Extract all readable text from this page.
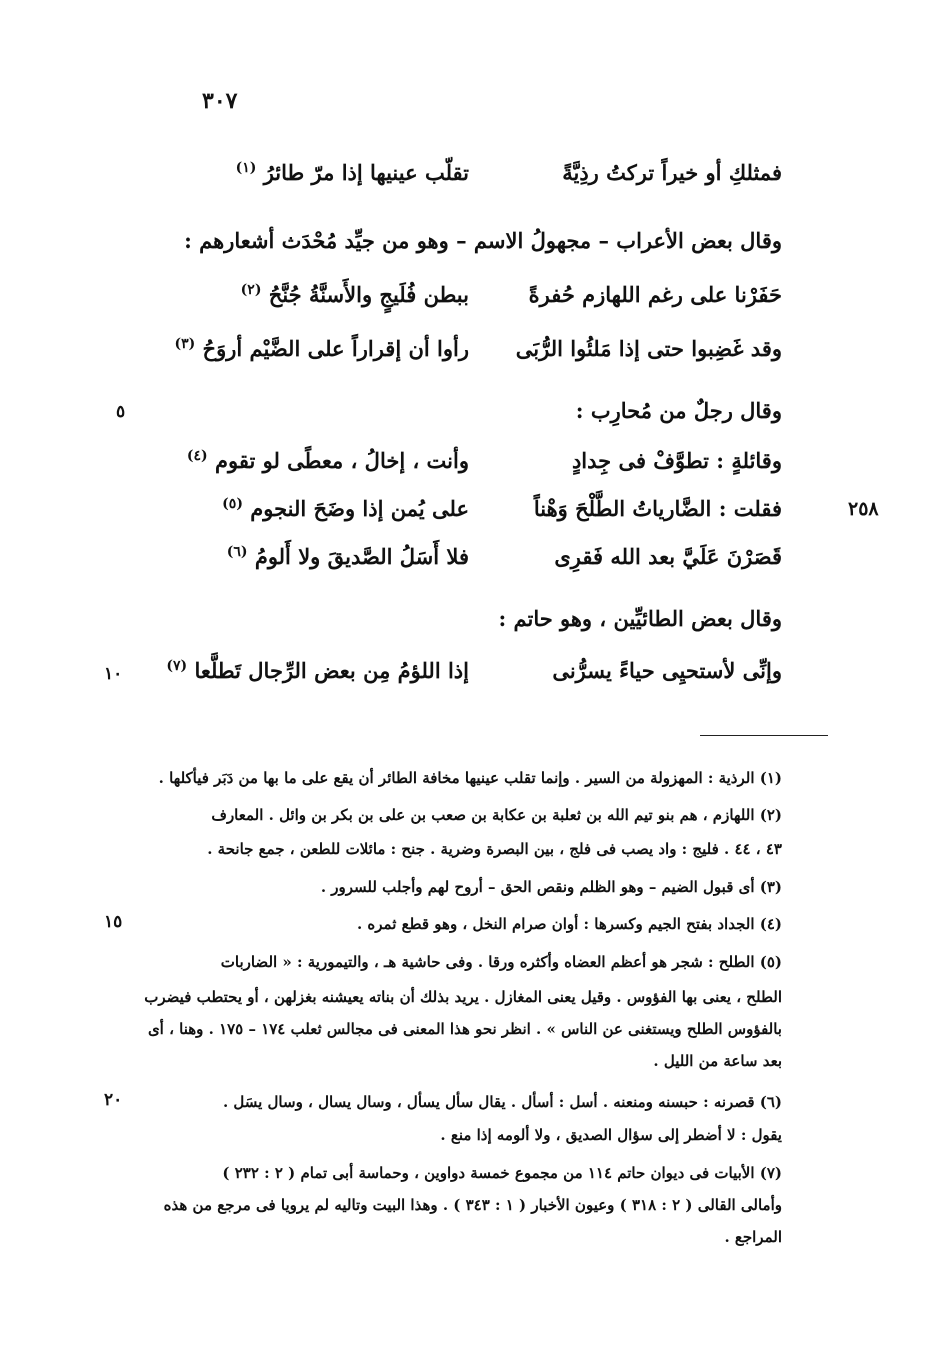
٣٠٧
فمثلكِ أو خيراً تركتُ رذِيَّةً
تقلّب عينيها إذا مرّ طائرُ $^{(١)}$
وقال بعض الأعراب – مجهولُ الاسم – وهو من جيِّد مُحْدَث أشعارهم :
حَفَرْنا على رغم اللهازم حُفرةً
ببطن فُلَيجٍ والأَسنَّةُ جُنَّحُ $^{(٢)}$
وقد غَضِبوا حتى إذا مَلئُوا الرُّبَى
رأوا أن إقراراً على الضَّيْم أروَحُ $^{(٣)}$
وقال رجلٌ من مُحارِب :
٥
وقائلةٍ : تطوَّفْ فى جِدادٍ
وأنت ، إخالُ ، معطًى لو تقوم $^{(٤)}$
فقلت : الضَّارياتُ الطَّلْحَ وَهْناً
على يُمن إذا وضَحَ النجوم $^{(٥)}$	٢٥٨
قَصَرْنَ عَلَيَّ بعد الله فَقرِى
فلا أَسَلُ الصَّديقَ ولا أَلومُ $^{(٦)}$
وقال بعض الطائيِّين ، وهو حاتم :
وإنِّى لأستحيِى حياءً يسرُّنى
إذا اللؤمُ مِن بعض الرِّجال تَطلَّعا $^{(٧)}$
١٠
(١) الرذية : المهزولة من السير . وإنما تقلب عينيها مخافة الطائر أن يقع على ما بها من دَبَر فيأكلها .
(٢) اللهازم ، هم بنو تيم الله بن ثعلبة بن عكابة بن صعب بن على بن بكر بن وائل . المعارف
٤٣ ، ٤٤ . فليج : واد يصب فى فلج ، بين البصرة وضرية . جنح : مائلات للطعن ، جمع جانحة .
(٣) أى قبول الضيم – وهو الظلم ونقص الحق – أروح لهم وأجلب للسرور .
(٤) الجداد بفتح الجيم وكسرها : أوان صرام النخل ، وهو قطع ثمره .
١٥
(٥) الطلح : شجر هو أعظم العضاه وأكثره ورقا . وفى حاشية هـ ، والتيمورية : « الضاربات
الطلح ، يعنى بها الفؤوس . وقيل يعنى المغازل . يريد بذلك أن بناته يعيشنه بغزلهن ، أو يحتطب فيضرب
بالفؤوس الطلح ويستغنى عن الناس » . انظر نحو هذا المعنى فى مجالس ثعلب ١٧٤ – ١٧٥ . وهنا ، أى
بعد ساعة من الليل .
(٦) قصرنه : حبسنه ومنعنه . أسل : أسأل . يقال سأل يسأل ، وسال يسال ، وسال يسَل .
٢٠
يقول : لا أضطر إلى سؤال الصديق ، ولا ألومه إذا منع .
(٧) الأبيات فى ديوان حاتم ١١٤ من مجموع خمسة دواوين ، وحماسة أبى تمام ( ٢ : ٢٣٢ )
وأمالى القالى ( ٢ : ٣١٨ ) وعيون الأخبار ( ١ : ٣٤٣ ) . وهذا البيت وتاليه لم يرويا فى مرجع من هذه
المراجع .
